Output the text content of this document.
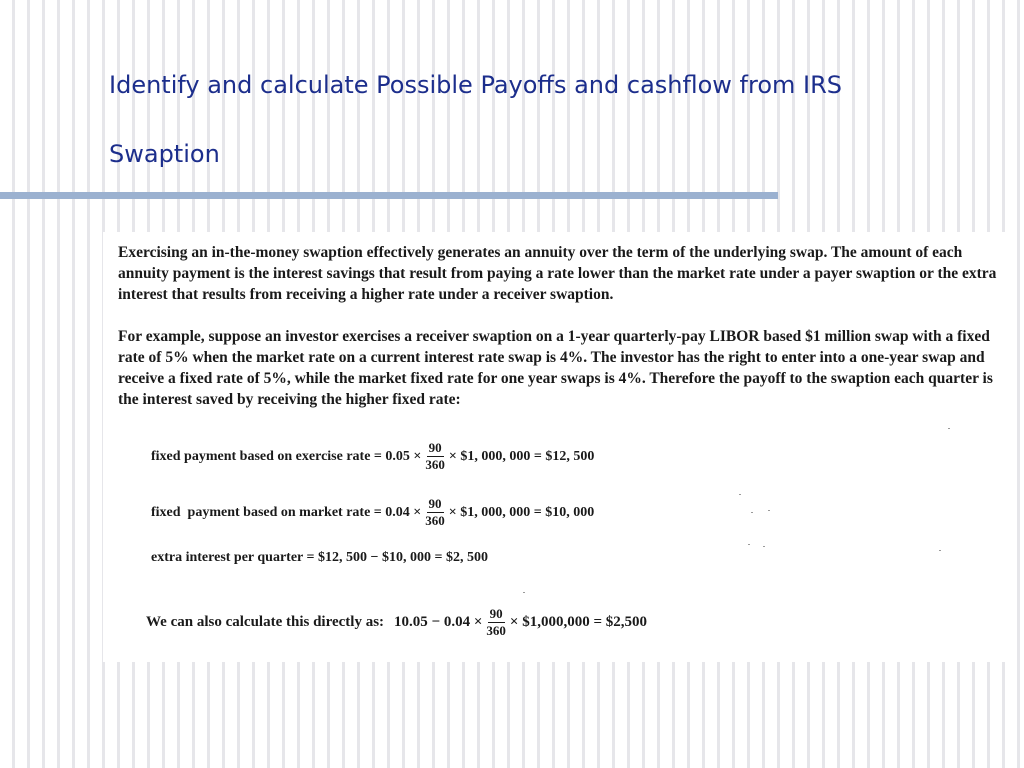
Identify and calculate Possible Payoffs and cashflow from IRS
Swaption

Exercising an in-the-money swaption effectively generates an annuity over the term of the underlying swap. The amount of each annuity payment is the interest savings that result from paying a rate lower than the market rate under a payer swaption or the extra interest that results from receiving a higher rate under a receiver swaption.

For example, suppose an investor exercises a receiver swaption on a 1-year quarterly-pay LIBOR based $1 million swap with a fixed rate of 5% when the market rate on a current interest rate swap is 4%. The investor has the right to enter into a one-year swap and receive a fixed rate of 5%, while the market fixed rate for one year swaps is 4%. Therefore the payoff to the swaption each quarter is the interest saved by receiving the higher fixed rate:

fixed payment based on exercise rate = $0.05 \times \frac{90}{360}$ × $1, 000, 000 = $12, 500
fixed  payment based on market rate = $0.04 \times \frac{90}{360}$ × $1, 000, 000 = $10, 000
extra interest per quarter = $12, 500 − $10, 000 = $2, 500
We can also calculate this directly as: $10.05 - 0.04 \times \frac{90}{360}$ × $1,000,000 = $2,500
